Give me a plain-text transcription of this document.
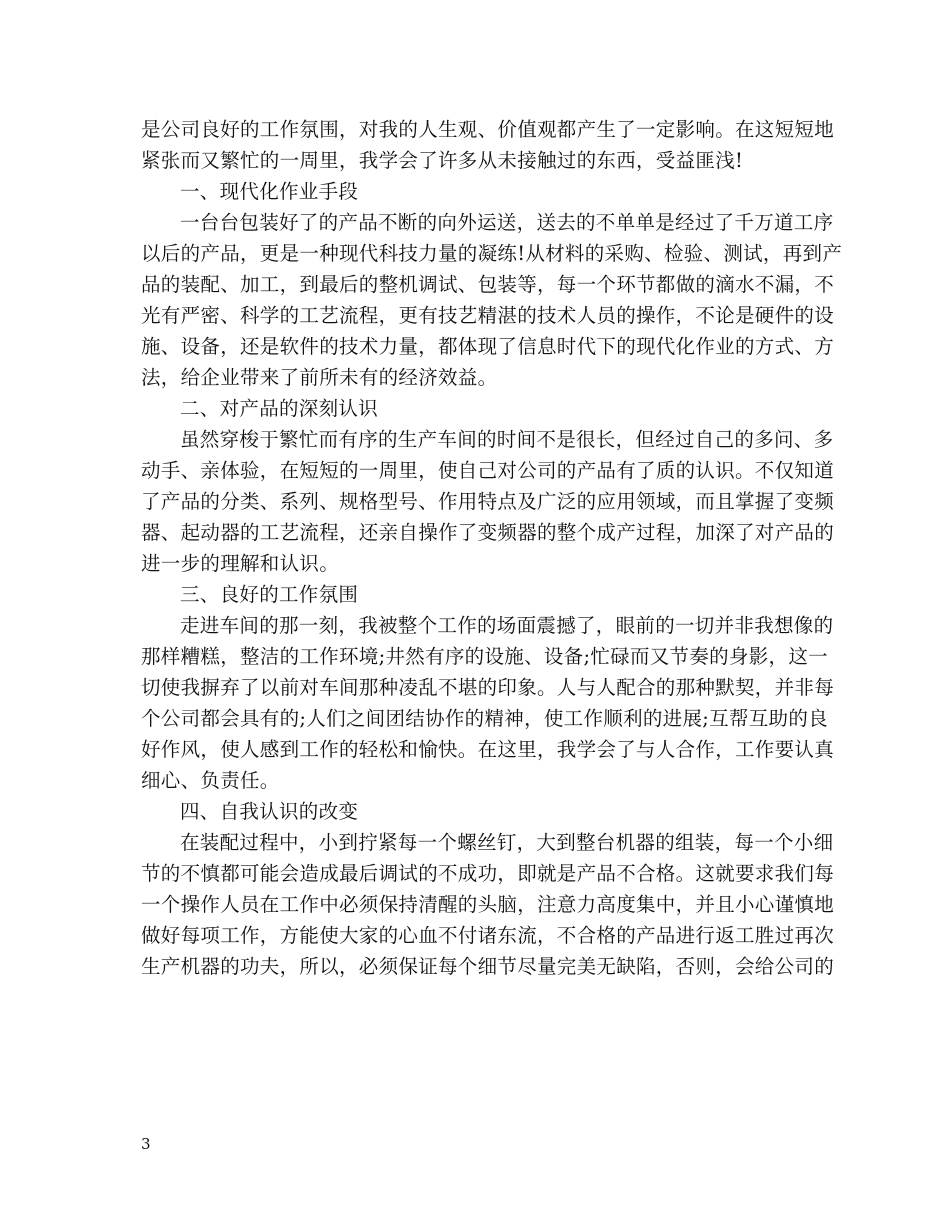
是公司良好的工作氛围，对我的人生观、价值观都产生了一定影响。在这短短地
紧张而又繁忙的一周里，我学会了许多从未接触过的东西，受益匪浅!
一、现代化作业手段
一台台包装好了的产品不断的向外运送，送去的不单单是经过了千万道工序
以后的产品，更是一种现代科技力量的凝练!从材料的采购、检验、测试，再到产
品的装配、加工，到最后的整机调试、包装等，每一个环节都做的滴水不漏，不
光有严密、科学的工艺流程，更有技艺精湛的技术人员的操作，不论是硬件的设
施、设备，还是软件的技术力量，都体现了信息时代下的现代化作业的方式、方
法，给企业带来了前所未有的经济效益。
二、对产品的深刻认识
虽然穿梭于繁忙而有序的生产车间的时间不是很长，但经过自己的多问、多
动手、亲体验，在短短的一周里，使自己对公司的产品有了质的认识。不仅知道
了产品的分类、系列、规格型号、作用特点及广泛的应用领域，而且掌握了变频
器、起动器的工艺流程，还亲自操作了变频器的整个成产过程，加深了对产品的
进一步的理解和认识。
三、良好的工作氛围
走进车间的那一刻，我被整个工作的场面震撼了，眼前的一切并非我想像的
那样糟糕，整洁的工作环境;井然有序的设施、设备;忙碌而又节奏的身影，这一
切使我摒弃了以前对车间那种凌乱不堪的印象。人与人配合的那种默契，并非每
个公司都会具有的;人们之间团结协作的精神，使工作顺利的进展;互帮互助的良
好作风，使人感到工作的轻松和愉快。在这里，我学会了与人合作，工作要认真
细心、负责任。
四、自我认识的改变
在装配过程中，小到拧紧每一个螺丝钉，大到整台机器的组装，每一个小细
节的不慎都可能会造成最后调试的不成功，即就是产品不合格。这就要求我们每
一个操作人员在工作中必须保持清醒的头脑，注意力高度集中，并且小心谨慎地
做好每项工作，方能使大家的心血不付诸东流，不合格的产品进行返工胜过再次
生产机器的功夫，所以，必须保证每个细节尽量完美无缺陷，否则，会给公司的
3
